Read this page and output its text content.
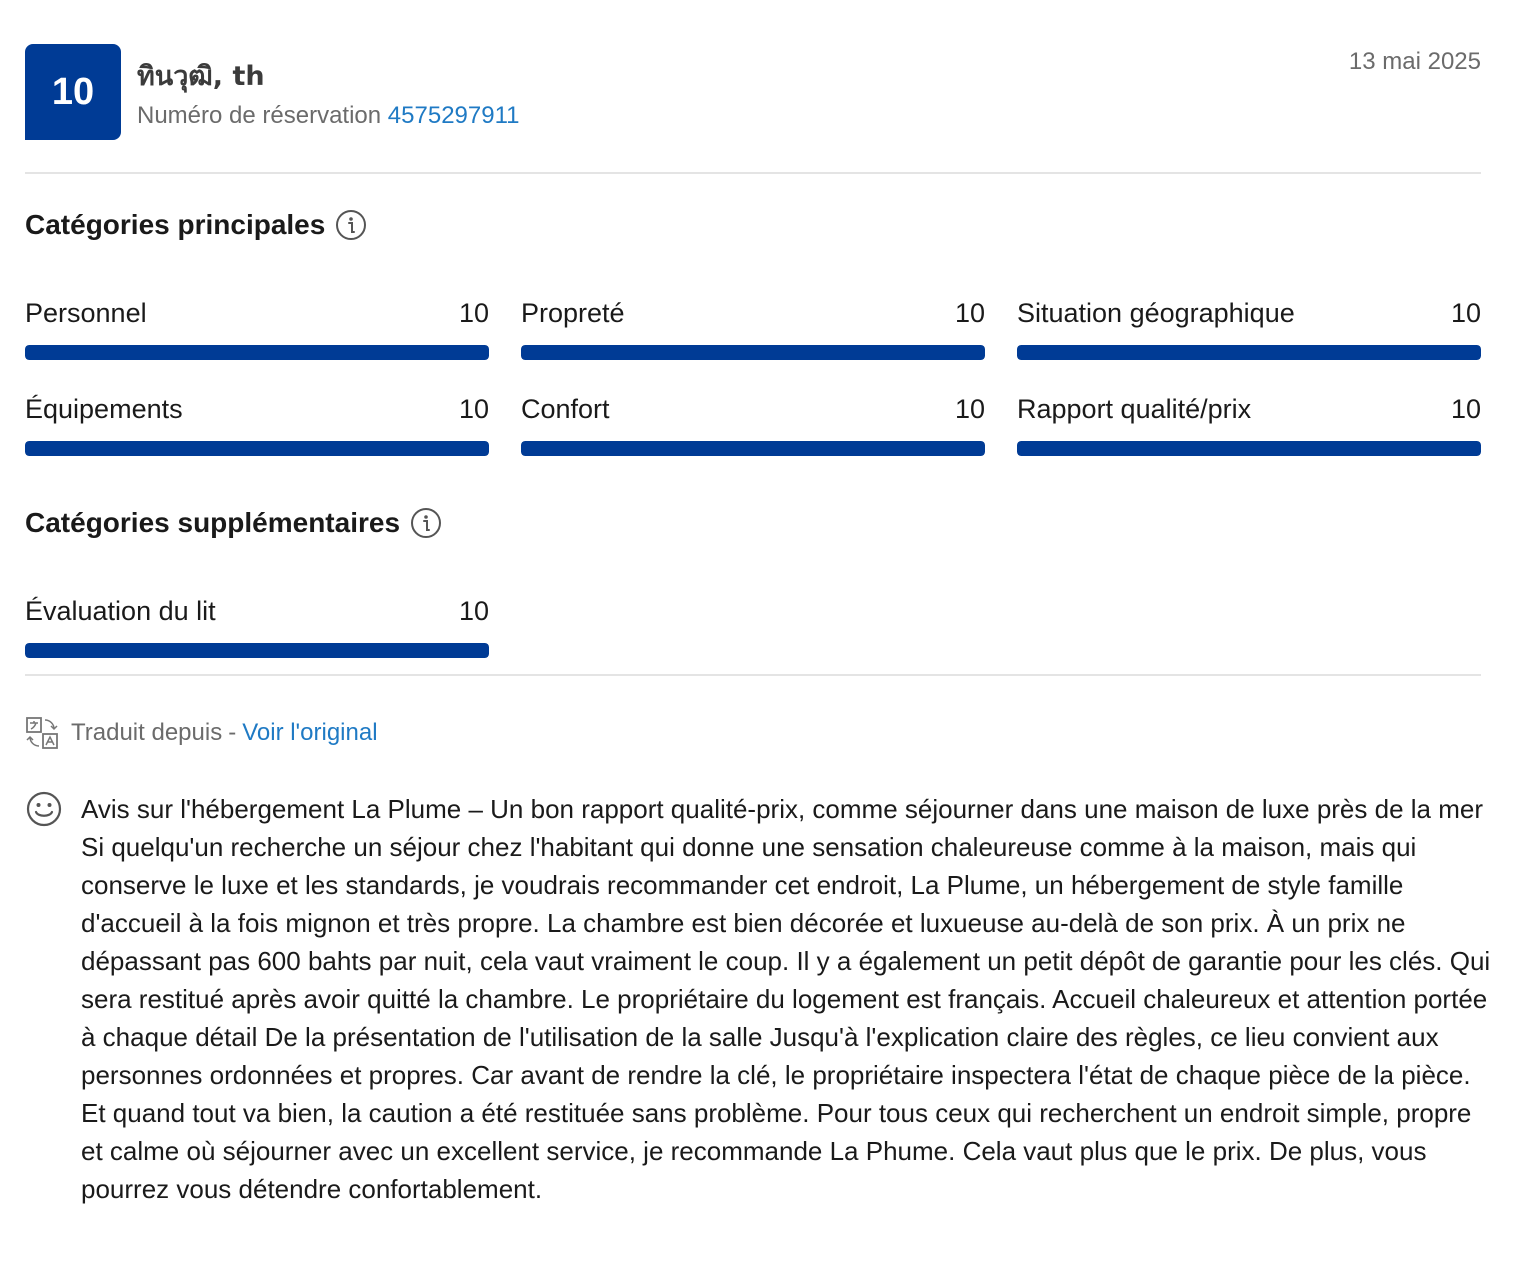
10	ทินวุฒิ, th
Numéro de réservation 4575297911
13 mai 2025
Catégories principales
Personnel	10 Propreté	10 Situation géographique	10
Équipements	10 Confort	10 Rapport qualité/prix	10
Catégories supplémentaires
Évaluation du lit	10
Traduit depuis - Voir l'original
Avis sur l'hébergement La Plume – Un bon rapport qualité-prix, comme séjourner dans une maison de luxe près de la mer Si quelqu'un recherche un séjour chez l'habitant qui donne une sensation chaleureuse comme à la maison, mais qui conserve le luxe et les standards, je voudrais recommander cet endroit, La Plume, un hébergement de style famille d'accueil à la fois mignon et très propre. La chambre est bien décorée et luxueuse au-delà de son prix. À un prix ne dépassant pas 600 bahts par nuit, cela vaut vraiment le coup. Il y a également un petit dépôt de garantie pour les clés. Qui sera restitué après avoir quitté la chambre. Le propriétaire du logement est français. Accueil chaleureux et attention portée à chaque détail De la présentation de l'utilisation de la salle Jusqu'à l'explication claire des règles, ce lieu convient aux personnes ordonnées et propres. Car avant de rendre la clé, le propriétaire inspectera l'état de chaque pièce de la pièce. Et quand tout va bien, la caution a été restituée sans problème. Pour tous ceux qui recherchent un endroit simple, propre et calme où séjourner avec un excellent service, je recommande La Phume. Cela vaut plus que le prix. De plus, vous pourrez vous détendre confortablement.
